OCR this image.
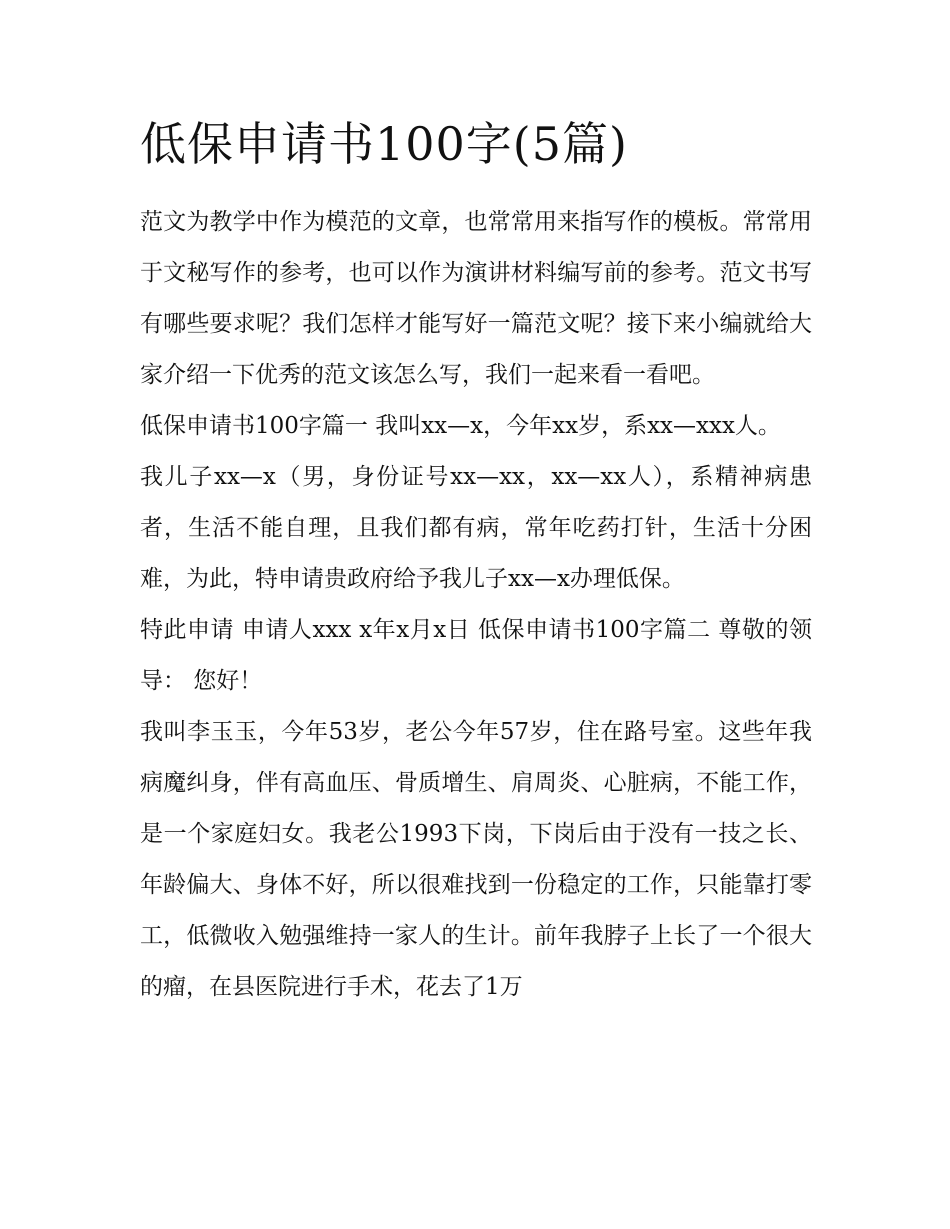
低保申请书100字(5篇)

范文为教学中作为模范的文章，也常常用来指写作的模板。常常用于文秘写作的参考，也可以作为演讲材料编写前的参考。范文书写有哪些要求呢？我们怎样才能写好一篇范文呢？接下来小编就给大家介绍一下优秀的范文该怎么写，我们一起来看一看吧。

低保申请书100字篇一 我叫xx—x，今年xx岁，系xx—xxx人。

我儿子xx—x（男，身份证号xx—xx，xx—xx人），系精神病患者，生活不能自理，且我们都有病，常年吃药打针，生活十分困难，为此，特申请贵政府给予我儿子xx—x办理低保。

特此申请 申请人xxx x年x月x日 低保申请书100字篇二 尊敬的领导： 您好！

我叫李玉玉，今年53岁，老公今年57岁，住在路号室。这些年我病魔纠身，伴有高血压、骨质增生、肩周炎、心脏病，不能工作，是一个家庭妇女。我老公1993下岗，下岗后由于没有一技之长、年龄偏大、身体不好，所以很难找到一份稳定的工作，只能靠打零工，低微收入勉强维持一家人的生计。前年我脖子上长了一个很大的瘤，在县医院进行手术，花去了1万
